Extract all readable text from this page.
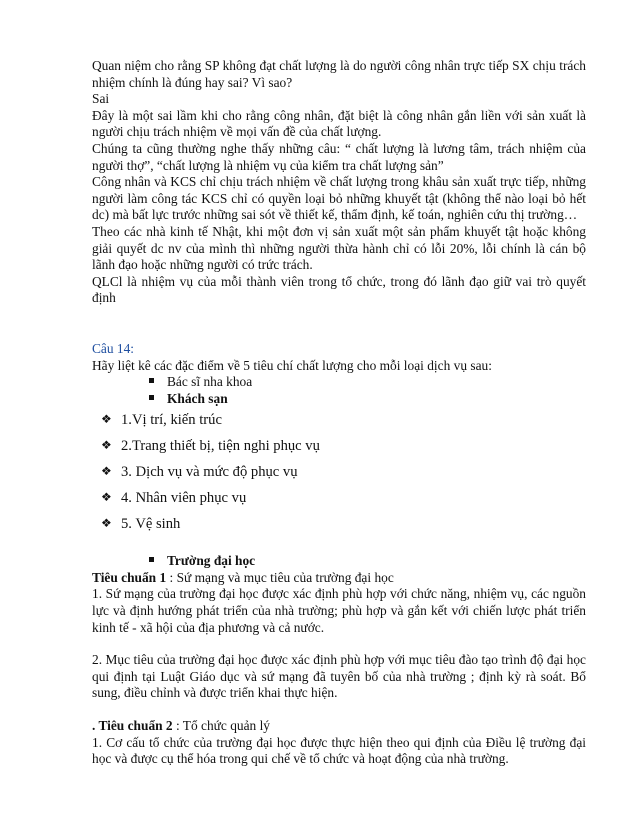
Quan niệm cho rằng SP không đạt chất lượng là do người công nhân trực tiếp SX chịu trách nhiệm chính là đúng hay sai? Vì sao?

Sai

Đây là một sai lầm khi cho rằng công nhân, đặt biệt là công nhân gắn liền với sản xuất là người chịu trách nhiệm về mọi vấn đề của chất lượng.

Chúng ta cũng thường nghe thấy những câu: “ chất lượng là lương tâm, trách nhiệm của người thợ”, “chất lượng là nhiệm vụ của kiểm tra chất lượng sản”

Công nhân và KCS chỉ chịu trách nhiệm về chất lượng trong khâu sản xuất trực tiếp, những người làm công tác KCS chỉ có quyền loại bỏ những khuyết tật (không thể nào loại bỏ hết dc) mà bất lực trước những sai sót về thiết kế, thẩm định, kế toán, nghiên cứu thị trường…

Theo các nhà kinh tế Nhật, khi một đơn vị sản xuất một sản phẩm khuyết tật hoặc không giải quyết dc nv của mình thì những người thừa hành chỉ có lỗi 20%, lỗi chính là cán bộ lãnh đạo hoặc những người có trức trách.

QLCl là nhiệm vụ của mỗi thành viên trong tổ chức, trong đó lãnh đạo giữ vai trò quyết định

Câu 14:

Hãy liệt kê các đặc điểm về 5 tiêu chí chất lượng cho mỗi loại dịch vụ sau:

Bác sĩ nha khoa

Khách sạn

❖ 1.Vị trí, kiến trúc

❖ 2.Trang thiết bị, tiện nghi phục vụ

❖ 3. Dịch vụ và mức độ phục vụ

❖ 4. Nhân viên phục vụ

❖ 5. Vệ sinh

Trường đại học

Tiêu chuẩn 1 : Sứ mạng và mục tiêu của trường đại học

1. Sứ mạng của trường đại học được xác định phù hợp với chức năng, nhiệm vụ, các nguồn lực và định hướng phát triển của nhà trường; phù hợp và gắn kết với chiến lược phát triển kinh tế - xã hội của địa phương và cả nước.

2. Mục tiêu của trường đại học được xác định phù hợp với mục tiêu đào tạo trình độ đại học qui định tại Luật Giáo dục và sứ mạng đã tuyên bố của nhà trường ; định kỳ rà soát. Bổ sung, điều chỉnh và được triển khai thực hiện.

. Tiêu chuẩn 2 : Tổ chức quản lý

1. Cơ cấu tổ chức của trường đại học được thực hiện theo qui định của Điều lệ trường đại học và được cụ thể hóa trong qui chế về tổ chức và hoạt động của nhà trường.
